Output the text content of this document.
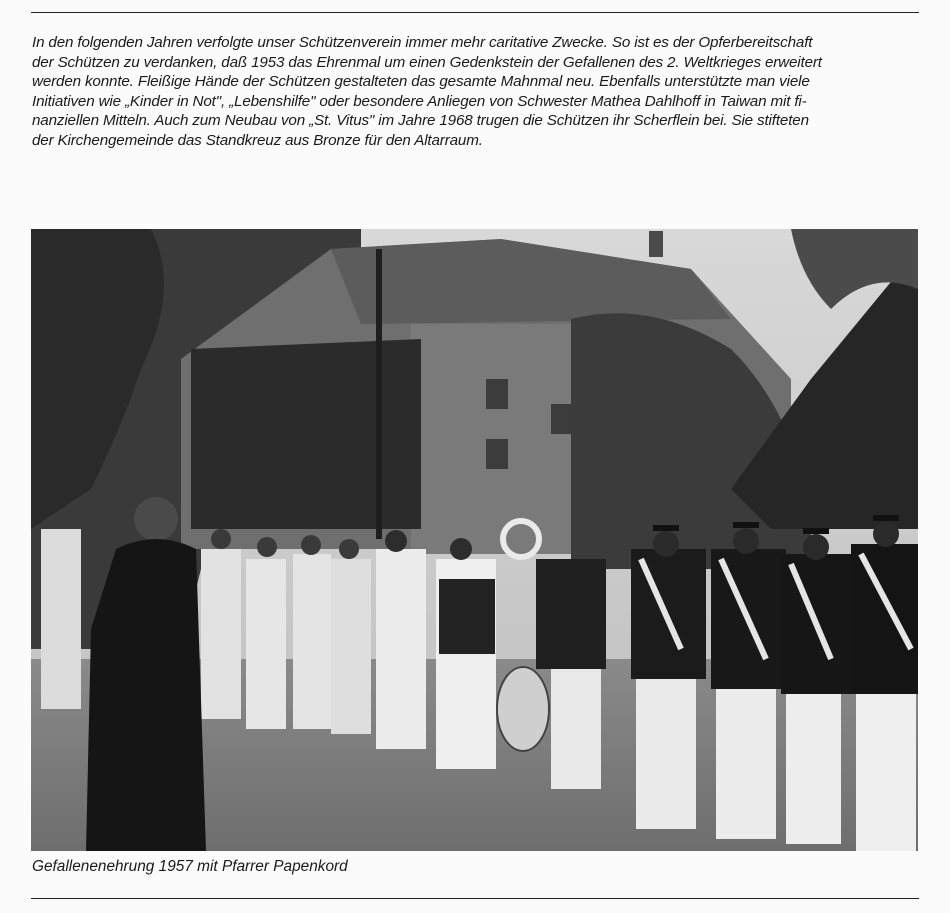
In den folgenden Jahren verfolgte unser Schützenverein immer mehr caritative Zwecke. So ist es der Opferbereitschaft
der Schützen zu verdanken, daß 1953 das Ehrenmal um einen Gedenkstein der Gefallenen des 2. Weltkrieges erweitert
werden konnte. Fleißige Hände der Schützen gestalteten das gesamte Mahnmal neu. Ebenfalls unterstützte man viele
Initiativen wie „Kinder in Not", „Lebenshilfe" oder besondere Anliegen von Schwester Mathea Dahlhoff in Taiwan mit fi-
nanziellen Mitteln. Auch zum Neubau von „St. Vitus" im Jahre 1968 trugen die Schützen ihr Scherflein bei. Sie stifteten
der Kirchengemeinde das Standkreuz aus Bronze für den Altarraum.

Gefallenenehrung 1957 mit Pfarrer Papenkord
